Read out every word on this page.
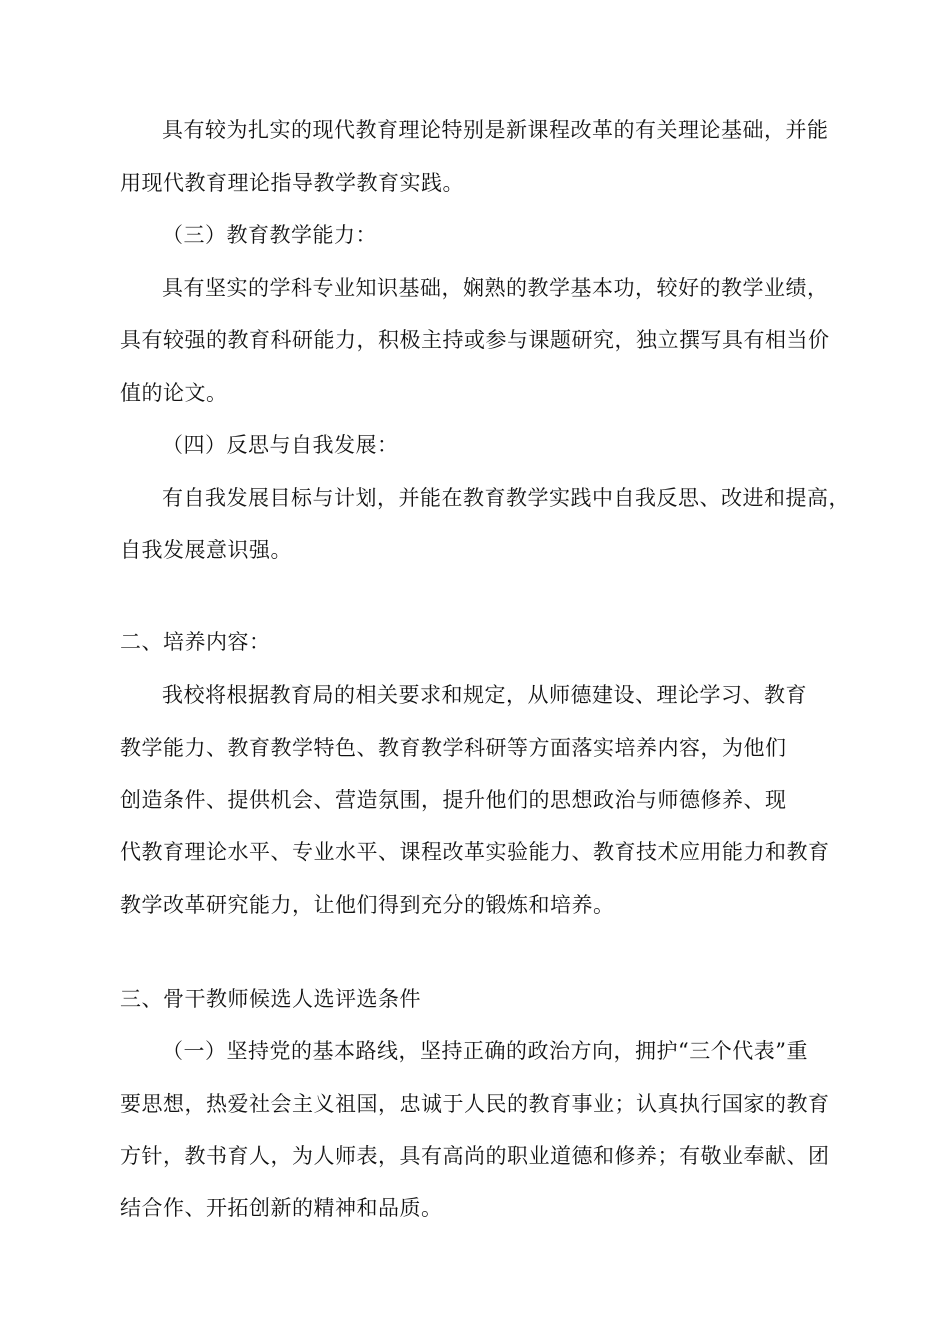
具有较为扎实的现代教育理论特别是新课程改革的有关理论基础，并能
用现代教育理论指导教学教育实践。
（三）教育教学能力：
具有坚实的学科专业知识基础，娴熟的教学基本功，较好的教学业绩，
具有较强的教育科研能力，积极主持或参与课题研究，独立撰写具有相当价
值的论文。
（四）反思与自我发展：
有自我发展目标与计划，并能在教育教学实践中自我反思、改进和提高，
自我发展意识强。
二、培养内容：
我校将根据教育局的相关要求和规定，从师德建设、理论学习、教育
教学能力、教育教学特色、教育教学科研等方面落实培养内容，为他们
创造条件、提供机会、营造氛围，提升他们的思想政治与师德修养、现
代教育理论水平、专业水平、课程改革实验能力、教育技术应用能力和教育
教学改革研究能力，让他们得到充分的锻炼和培养。
三、骨干教师候选人选评选条件
（一）坚持党的基本路线，坚持正确的政治方向，拥护“三个代表”重
要思想，热爱社会主义祖国，忠诚于人民的教育事业；认真执行国家的教育
方针，教书育人，为人师表，具有高尚的职业道德和修养；有敬业奉献、团
结合作、开拓创新的精神和品质。
